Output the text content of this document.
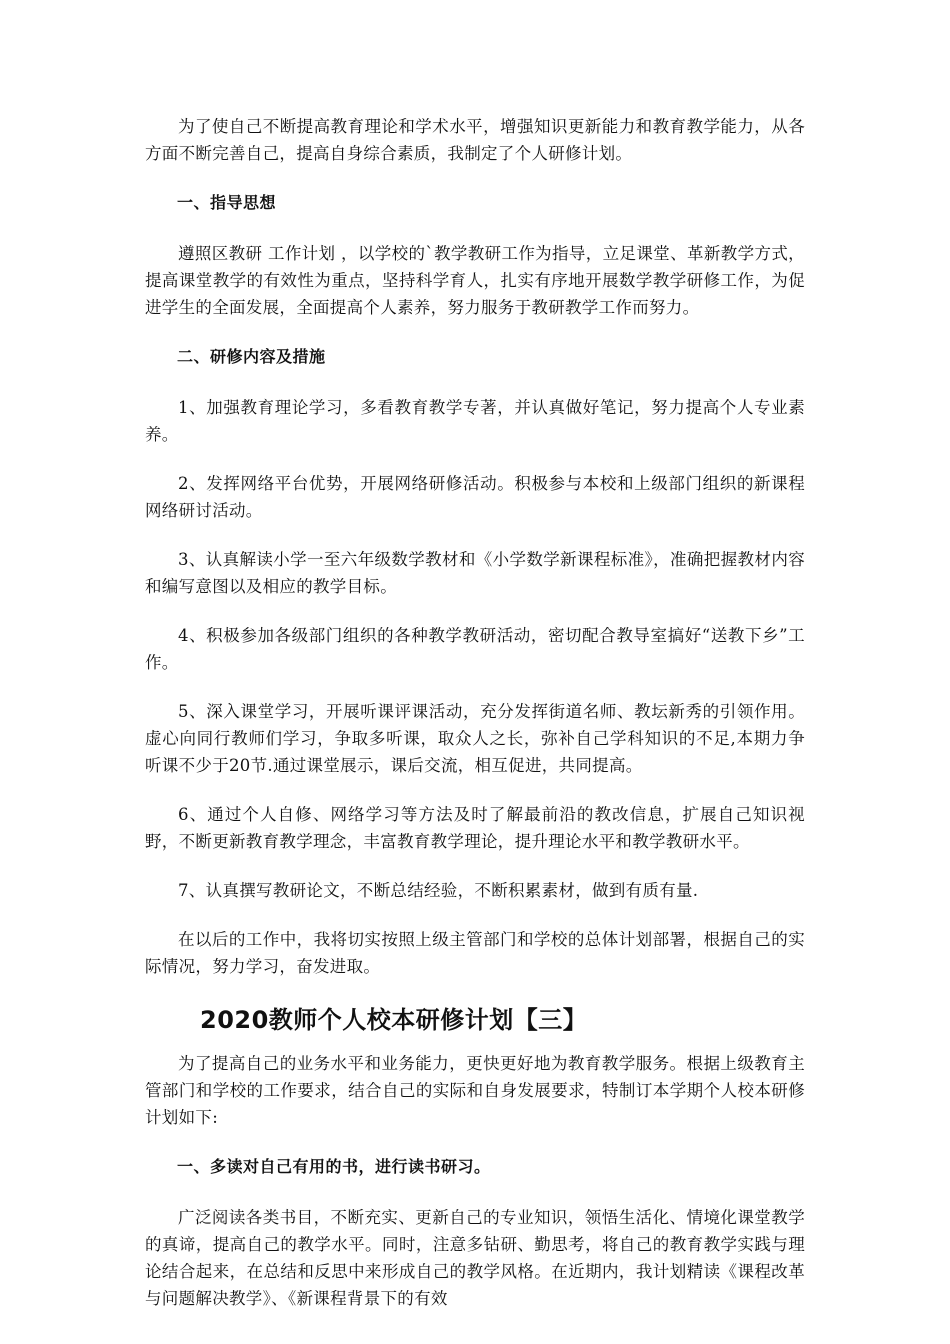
为了使自己不断提高教育理论和学术水平，增强知识更新能力和教育教学能力，从各方面不断完善自己，提高自身综合素质，我制定了个人研修计划。

一、指导思想

遵照区教研 工作计划 ，以学校的`教学教研工作为指导，立足课堂、革新教学方式，提高课堂教学的有效性为重点，坚持科学育人，扎实有序地开展数学教学研修工作，为促进学生的全面发展，全面提高个人素养，努力服务于教研教学工作而努力。

二、研修内容及措施

1、加强教育理论学习，多看教育教学专著，并认真做好笔记，努力提高个人专业素养。

2、发挥网络平台优势，开展网络研修活动。积极参与本校和上级部门组织的新课程网络研讨活动。

3、认真解读小学一至六年级数学教材和《小学数学新课程标准》，准确把握教材内容和编写意图以及相应的教学目标。

4、积极参加各级部门组织的各种教学教研活动，密切配合教导室搞好“送教下乡”工作。

5、深入课堂学习，开展听课评课活动，充分发挥街道名师、教坛新秀的引领作用。虚心向同行教师们学习，争取多听课，取众人之长，弥补自己学科知识的不足,本期力争听课不少于20节.通过课堂展示，课后交流，相互促进，共同提高。

6、通过个人自修、网络学习等方法及时了解最前沿的教改信息，扩展自己知识视野，不断更新教育教学理念，丰富教育教学理论，提升理论水平和教学教研水平。

7、认真撰写教研论文，不断总结经验，不断积累素材，做到有质有量.

在以后的工作中，我将切实按照上级主管部门和学校的总体计划部署，根据自己的实际情况，努力学习，奋发进取。

2020教师个人校本研修计划【三】

为了提高自己的业务水平和业务能力，更快更好地为教育教学服务。根据上级教育主管部门和学校的工作要求，结合自己的实际和自身发展要求，特制订本学期个人校本研修计划如下:

一、多读对自己有用的书，进行读书研习。

广泛阅读各类书目，不断充实、更新自己的专业知识，领悟生活化、情境化课堂教学的真谛，提高自己的教学水平。同时，注意多钻研、勤思考，将自己的教育教学实践与理论结合起来，在总结和反思中来形成自己的教学风格。在近期内，我计划精读《课程改革与问题解决教学》、《新课程背景下的有效
